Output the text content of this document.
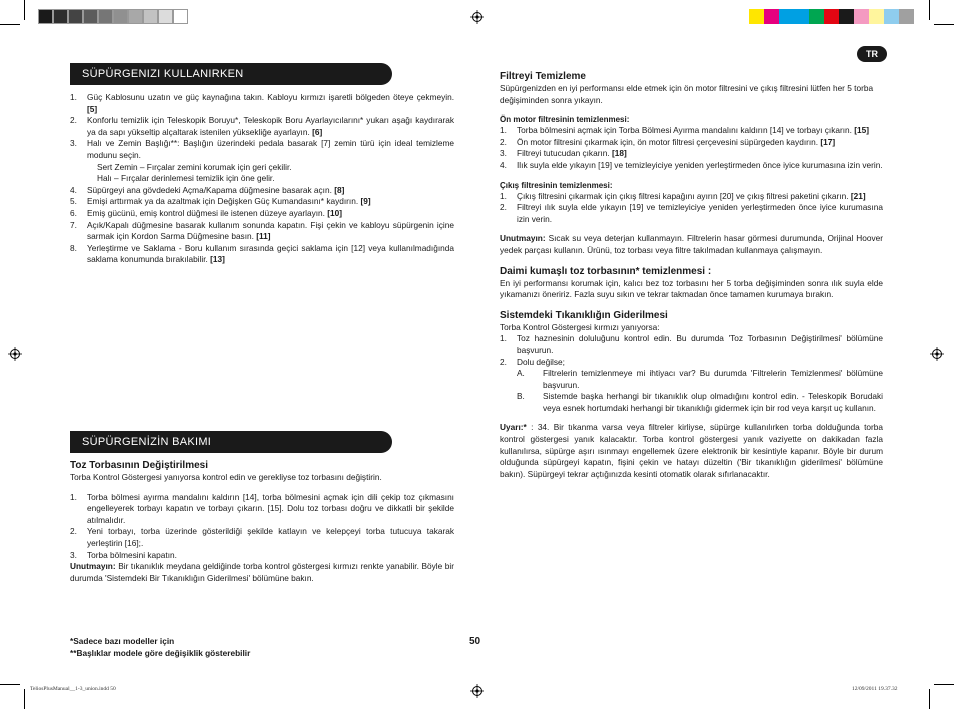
TR
SÜPÜRGENIZI KULLANIRKEN
1. Güç Kablosunu uzatın ve güç kaynağına takın. Kabloyu kırmızı işaretli bölgeden öteye çekmeyin. [5]
2. Konforlu temizlik için Teleskopik Boruyu*, Teleskopik Boru Ayarlayıcılarını* yukarı aşağı kaydırarak ya da sapı yükseltip alçaltarak istenilen yüksekliğe ayarlayın. [6]
3. Halı ve Zemin Başlığı**: Başlığın üzerindeki pedala basarak [7] zemin türü için ideal temizleme modunu seçin.
Sert Zemin – Fırçalar zemini korumak için geri çekilir.
Halı – Fırçalar derinlemesi temizlik için öne gelir.
4. Süpürgeyi ana gövdedeki Açma/Kapama düğmesine basarak açın. [8]
5. Emişi arttırmak ya da azaltmak için Değişken Güç Kumandasını* kaydırın. [9]
6. Emiş gücünü, emiş kontrol düğmesi ile istenen düzeye ayarlayın. [10]
7. Açık/Kapalı düğmesine basarak kullanım sonunda kapatın. Fişi çekin ve kabloyu süpürgenin içine sarmak için Kordon Sarma Düğmesine basın. [11]
8. Yerleştirme ve Saklama - Boru kullanım sırasında geçici saklama için [12] veya kullanılmadığında saklama konumunda bırakılabilir. [13]
SÜPÜRGENİZİN BAKIMI
Toz Torbasının Değiştirilmesi

Torba Kontrol Göstergesi yanıyorsa kontrol edin ve gerekliyse toz torbasını değiştirin.

1. Torba bölmesi ayırma mandalını kaldırın [14], torba bölmesini açmak için dili çekip toz çıkmasını engelleyerek torbayı kapatın ve torbayı çıkarın. [15]. Dolu toz torbası doğru ve dikkatli bir şekilde atılmalıdır.
2. Yeni torbayı, torba üzerinde gösterildiği şekilde katlayın ve kelepçeyi torba tutucuya takarak yerleştirin [16];.
3. Torba bölmesini kapatın.

Unutmayın: Bir tıkanıklık meydana geldiğinde torba kontrol göstergesi kırmızı renkte yanabilir. Böyle bir durumda 'Sistemdeki Bir Tıkanıklığın Giderilmesi' bölümüne bakın.

*Sadece bazı modeller için
**Başlıklar modele göre değişiklik gösterebilir
50
Filtreyi Temizleme

Süpürgenizden en iyi performansı elde etmek için ön motor filtresini ve çıkış filtresini lütfen her 5 torba değişiminden sonra yıkayın.

Ön motor filtresinin temizlenmesi:
1. Torba bölmesini açmak için Torba Bölmesi Ayırma mandalını kaldırın [14] ve torbayı çıkarın. [15]
2. Ön motor filtresini çıkarmak için, ön motor filtresi çerçevesini süpürgeden kaydırın. [17]
3. Filtreyi tutucudan çıkarın. [18]
4. Ilık suyla elde yıkayın [19] ve temizleyiciye yeniden yerleştirmeden önce iyice kurumasına izin verin.
Çıkış filtresinin temizlenmesi:
1. Çıkış filtresini çıkarmak için çıkış filtresi kapağını ayırın [20] ve çıkış filtresi paketini çıkarın. [21]
2. Filtreyi ılık suyla elde yıkayın [19] ve temizleyiciye yeniden yerleştirmeden önce iyice kurumasına izin verin.

Unutmayın: Sıcak su veya deterjan kullanmayın. Filtrelerin hasar görmesi durumunda, Orijinal Hoover yedek parçası kullanın. Ürünü, toz torbası veya filtre takılmadan kullanmaya çalışmayın.

Daimi kumaşlı toz torbasının* temizlenmesi :

En iyi performansı korumak için, kalıcı bez toz torbasını her 5 torba değişiminden sonra ılık suyla elde yıkamanızı öneririz. Fazla suyu sıkın ve tekrar takmadan önce tamamen kurumaya bırakın.

Sistemdeki Tıkanıklığın Giderilmesi

Torba Kontrol Göstergesi kırmızı yanıyorsa:

1. Toz haznesinin doluluğunu kontrol edin. Bu durumda 'Toz Torbasının Değiştirilmesi' bölümüne başvurun.
2. Dolu değilse;
A. Filtrelerin temizlenmeye mi ihtiyacı var? Bu durumda 'Filtrelerin Temizlenmesi' bölümüne başvurun.
B. Sistemde başka herhangi bir tıkanıklık olup olmadığını kontrol edin. - Teleskopik Borudaki veya esnek hortumdaki herhangi bir tıkanıklığı gidermek için bir rod veya karşıt uç kullanın.

Uyarı:* : 34. Bir tıkanma varsa veya filtreler kirliyse, süpürge kullanılırken torba dolduğunda torba kontrol göstergesi yanık kalacaktır. Torba kontrol göstergesi yanık vaziyette on dakikadan fazla kullanılırsa, süpürge aşırı ısınmayı engellemek üzere elektronik bir kesintiyle kapanır. Böyle bir durum olduğunda süpürgeyi kapatın, fişini çekin ve hatayı düzeltin ('Bir tıkanıklığın giderilmesi' bölümüne bakın). Süpürgeyi tekrar açtığınızda kesinti otomatik olarak sıfırlanacaktır.

TeliosPlusManual__1-3_union.indd 50	12/09/2011 19.37.32
